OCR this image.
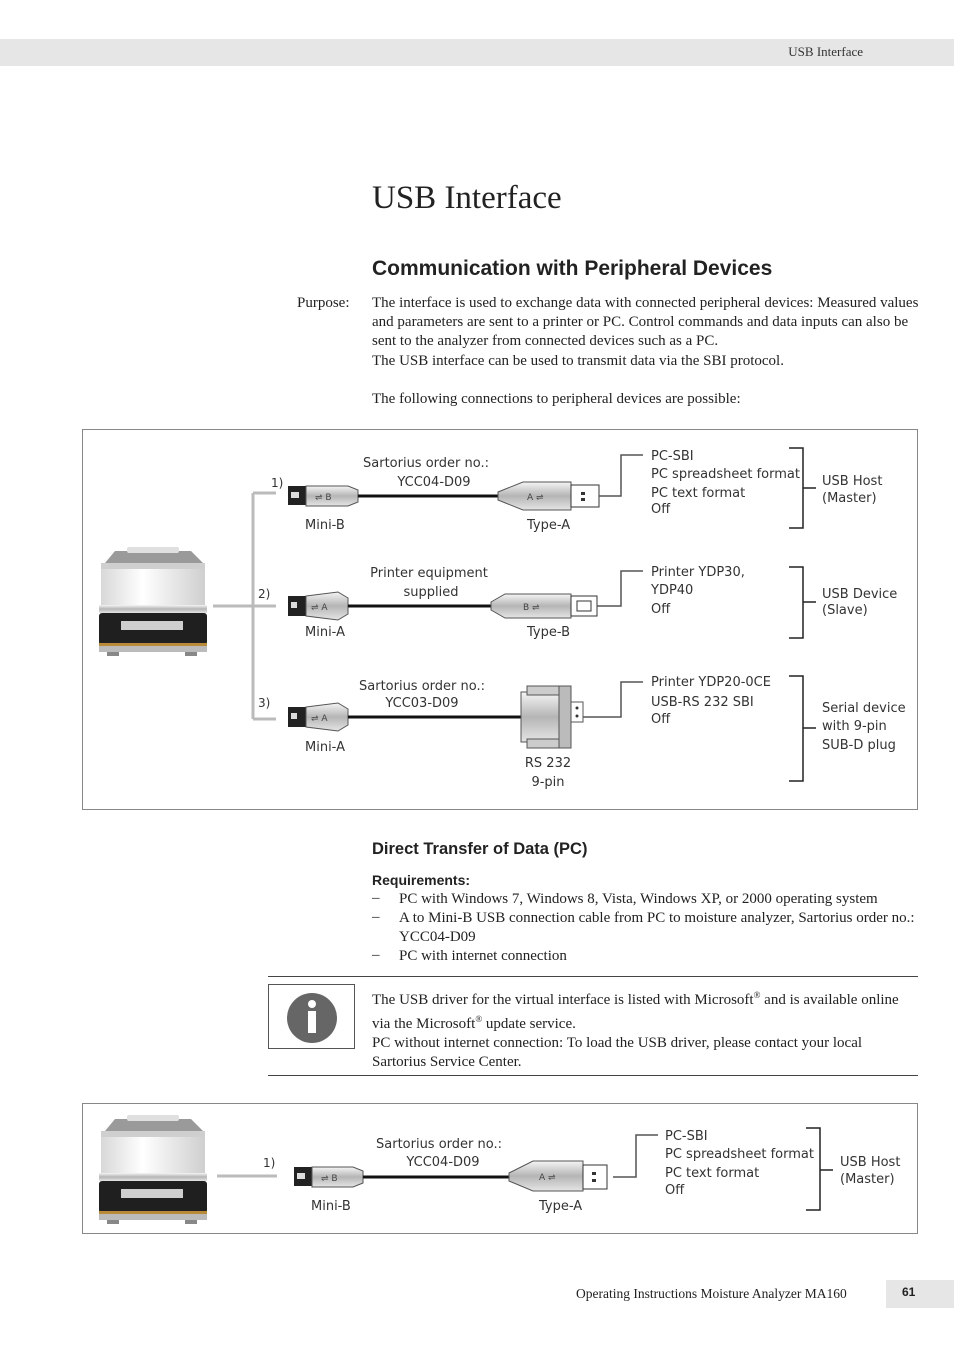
USB Interface
USB Interface
Communication with Peripheral Devices
Purpose: The interface is used to exchange data with connected peripheral devices: Measured values and parameters are sent to a printer or PC. Control commands and data inputs can also be sent to the analyzer from connected devices such as a PC.
The USB interface can be used to transmit data via the SBI protocol.
The following connections to peripheral devices are possible:
1)
⇌ B	A ⇌
Sartorius order no.:
YCC04-D09
Mini-B	Type-A
PC-SBI
PC spreadsheet format
PC text format
Off
USB Host
(Master)
2)
⇌ A	B ⇌
Printer equipment
supplied
Mini-A	Type-B
Printer YDP30,
YDP40
Off
USB Device
(Slave)
3)
⇌ A
Sartorius order no.:
YCC03-D09
Mini-A
RS 232
9-pin
Printer YDP20-0CE
USB-RS 232 SBI
Off
Serial device
with 9-pin
SUB-D plug
Direct Transfer of Data (PC)
Requirements:
– PC with Windows 7, Windows 8, Vista, Windows XP, or 2000 operating system
– A to Mini-B USB connection cable from PC to moisture analyzer, Sartorius order no.: YCC04-D09
– PC with internet connection
The USB driver for the virtual interface is listed with Microsoft® and is available online via the Microsoft® update service.
PC without internet connection: To load the USB driver, please contact your local Sartorius Service Center.
1)
⇌ B	A ⇌
Sartorius order no.:
YCC04-D09
Mini-B	Type-A
PC-SBI
PC spreadsheet format
PC text format
Off
USB Host
(Master)
Operating Instructions Moisture Analyzer MA160	61
